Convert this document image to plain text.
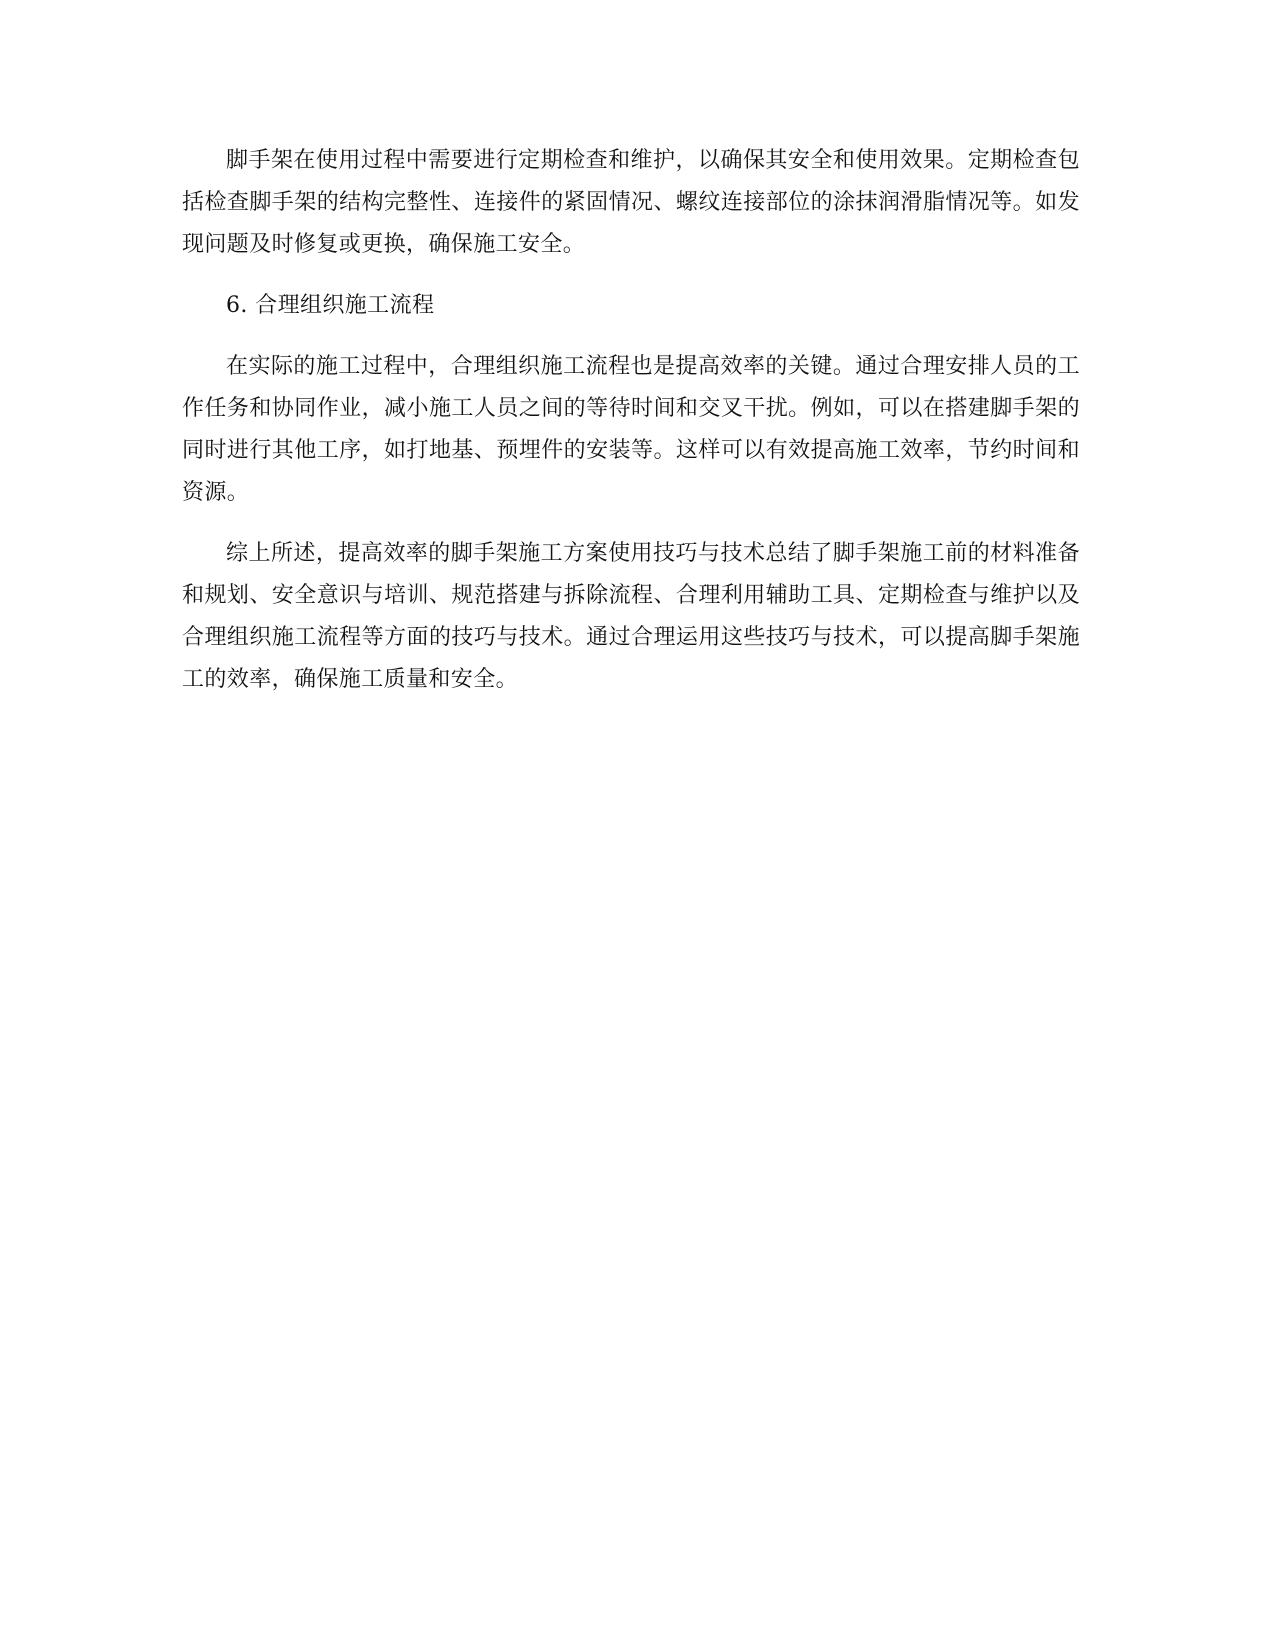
脚手架在使用过程中需要进行定期检查和维护，以确保其安全和使用效果。定期检查包括检查脚手架的结构完整性、连接件的紧固情况、螺纹连接部位的涂抹润滑脂情况等。如发现问题及时修复或更换，确保施工安全。

6. 合理组织施工流程

在实际的施工过程中，合理组织施工流程也是提高效率的关键。通过合理安排人员的工作任务和协同作业，减小施工人员之间的等待时间和交叉干扰。例如，可以在搭建脚手架的同时进行其他工序，如打地基、预埋件的安装等。这样可以有效提高施工效率，节约时间和资源。

综上所述，提高效率的脚手架施工方案使用技巧与技术总结了脚手架施工前的材料准备和规划、安全意识与培训、规范搭建与拆除流程、合理利用辅助工具、定期检查与维护以及合理组织施工流程等方面的技巧与技术。通过合理运用这些技巧与技术，可以提高脚手架施工的效率，确保施工质量和安全。
